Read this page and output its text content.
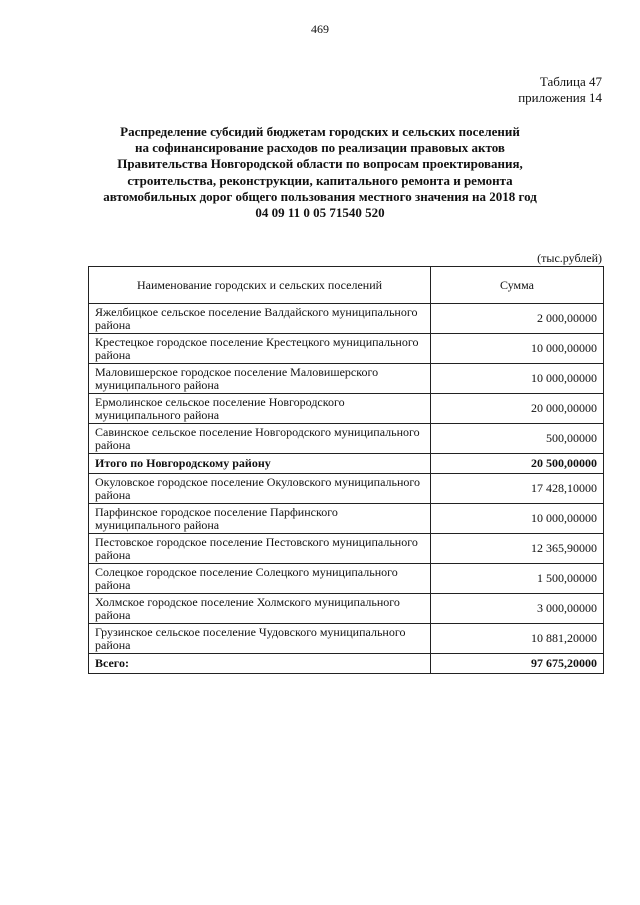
469
Таблица 47
приложения 14
Распределение субсидий бюджетам городских и сельских поселений
на софинансирование расходов по реализации правовых актов
Правительства Новгородской области по вопросам проектирования,
строительства, реконструкции, капитального ремонта и ремонта
автомобильных дорог общего пользования местного значения на 2018 год
04 09 11 0 05 71540 520
(тыс.рублей)
Наименование городских и сельских поселений	Сумма
Яжелбицкое сельское поселение Валдайского муниципального района	2 000,00000
Крестецкое городское поселение Крестецкого муниципального района	10 000,00000
Маловишерское городское поселение Маловишерского муниципального района	10 000,00000
Ермолинское сельское поселение Новгородского муниципального района	20 000,00000
Савинское сельское поселение Новгородского муниципального района	500,00000
Итого по Новгородскому району	20 500,00000
Окуловское городское поселение Окуловского муниципального района	17 428,10000
Парфинское городское поселение Парфинского муниципального района	10 000,00000
Пестовское городское поселение Пестовского муниципального района	12 365,90000
Солецкое городское поселение Солецкого муниципального района	1 500,00000
Холмское городское поселение Холмского муниципального района	3 000,00000
Грузинское сельское поселение Чудовского муниципального района	10 881,20000
Всего:	97 675,20000
